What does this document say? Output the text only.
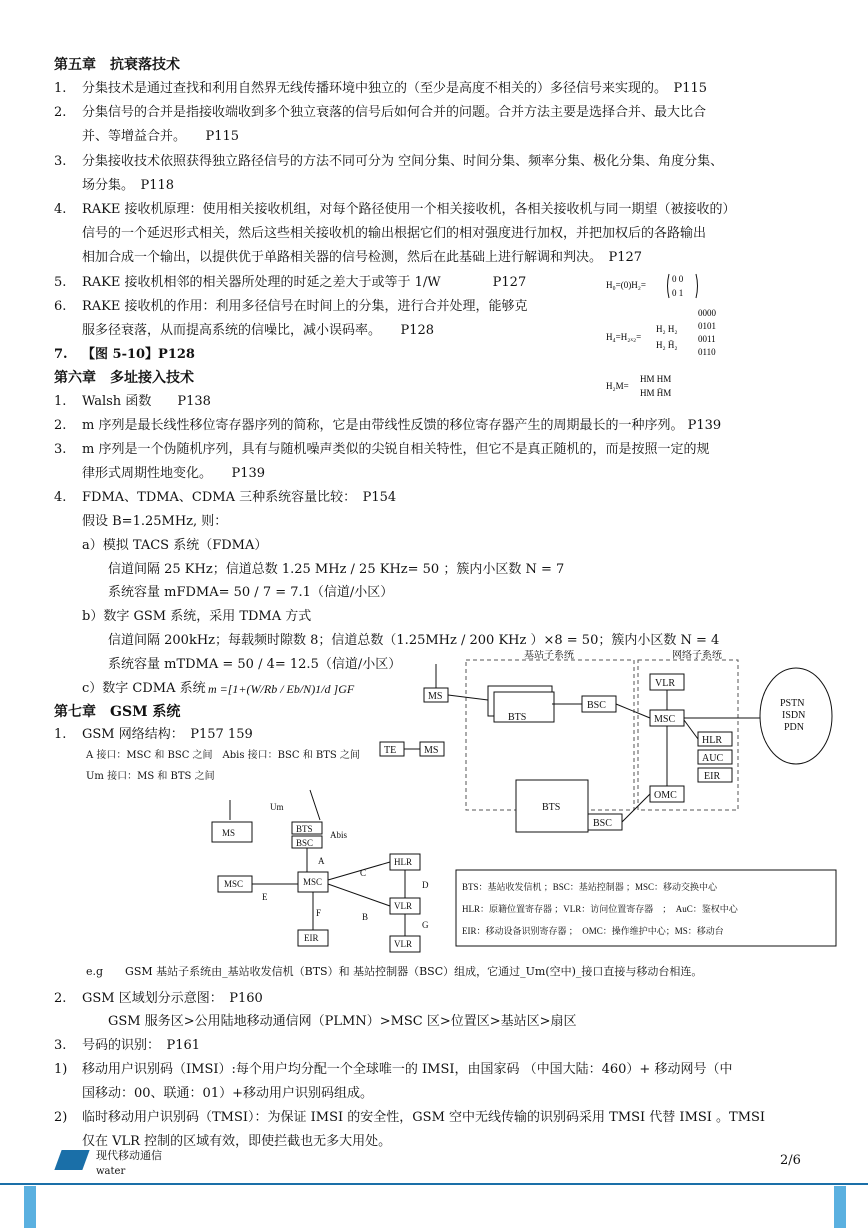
第五章　抗衰落技术
1. 分集技术是通过查找和利用自然界无线传播环境中独立的（至少是高度不相关的）多径信号来实现的。　P115
2. 分集信号的合并是指接收端收到多个独立衰落的信号后如何合并的问题。合并方法主要是选择合并、最大比合
并、等增益合并。　　P115
3. 分集接收技术依照获得独立路径信号的方法不同可分为 空间分集、时间分集、频率分集、极化分集、角度分集、
场分集。　P118
4. RAKE 接收机原理：使用相关接收机组，对每个路径使用一个相关接收机，各相关接收机与同一期望（被接收的）
信号的一个延迟形式相关，然后这些相关接收机的输出根据它们的相对强度进行加权，并把加权后的各路输出
相加合成一个输出，以提供优于单路相关器的信号检测，然后在此基础上进行解调和判决。　P127
5. RAKE 接收机相邻的相关器所处理的时延之差大于或等于 1/W　　　　P127
6. RAKE 接收机的作用：利用多径信号在时间上的分集，进行合并处理，能够克
服多径衰落，从而提高系统的信噪比，减小误码率。　　P128
7. 【图 5-10】P128
H₀=(0)H₂=
0 0
0 1
H₄=H₂ₓ₂=
H₂ H₂
H₂ H̄₂
0000
0101
0011
0110
H₂M=
HM HM
HM H̄M
第六章　多址接入技术
1. Walsh 函数　　P138
2. m 序列是最长线性移位寄存器序列的简称，它是由带线性反馈的移位寄存器产生的周期最长的一种序列。 P139
3. m 序列是一个伪随机序列，具有与随机噪声类似的尖锐自相关特性，但它不是真正随机的，而是按照一定的规
律形式周期性地变化。　　P139
4. FDMA、TDMA、CDMA 三种系统容量比较：　P154
假设 B=1.25MHz, 则：
a）模拟 TACS 系统（FDMA）
信道间隔 25 KHz；信道总数 1.25 MHz / 25 KHz= 50 ；簇内小区数 N = 7
系统容量 mFDMA= 50 / 7 = 7.1（信道/小区）
b）数字 GSM 系统，采用 TDMA 方式
信道间隔 200kHz；每载频时隙数 8；信道总数（1.25MHz / 200 KHz ）×8 = 50；簇内小区数 N = 4
系统容量 mTDMA = 50 / 4= 12.5（信道/小区）
c）数字 CDMA 系统 m =[1+(W/Rb / Eb/N)1/d ]GF
第七章　GSM 系统
1. GSM 网络结构：　P157 159
A 接口：MSC 和 BSC 之间　Abis 接口：BSC 和 BTS 之间
Um 接口：MS 和 BTS 之间
基站子系统	网络子系统
MS
BTS
BSC
VLR
MSC
HLR
AUC
EIR
PSTN
ISDN
PDN
TE	MS
BTS
BSC
OMC
BTS：基站收发信机 ；BSC：基站控制器 ；MSC：移动交换中心
HLR：原籍位置寄存器 ；VLR：访问位置寄存器　；　AuC：鉴权中心
EIR：移动设备识别寄存器 ；　OMC：操作维护中心；MS：移动台
Um
MS	BTS
BSC
Abis
MSC
MSC
HLR
VLR
VLR
EIR
A
B
C
D
E
F
G
e.g　　GSM 基站子系统由_基站收发信机（BTS）和 基站控制器（BSC）组成，它通过_Um(空中)_接口直接与移动台相连。
2. GSM 区域划分示意图：　P160
GSM 服务区>公用陆地移动通信网（PLMN）>MSC 区>位置区>基站区>扇区
3. 号码的识别：　P161
1) 移动用户识别码（IMSI）:每个用户均分配一个全球唯一的 IMSI，由国家码 （中国大陆：460）+ 移动网号（中
国移动：00、联通：01）+移动用户识别码组成。
2) 临时移动用户识别码（TMSI）：为保证 IMSI 的安全性，GSM 空中无线传输的识别码采用 TMSI 代替 IMSI 。TMSI
仅在 VLR 控制的区域有效，即使拦截也无多大用处。
现代移动通信
water
2/6
